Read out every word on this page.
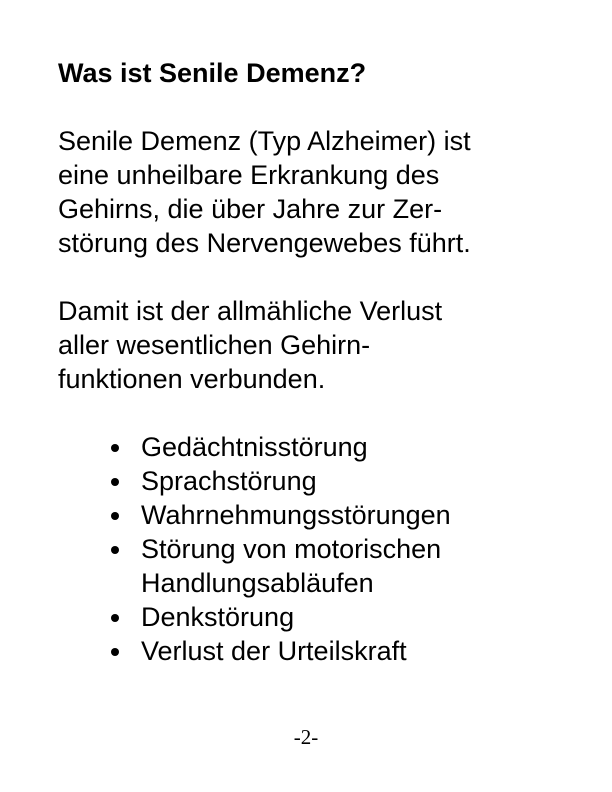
Was ist Senile Demenz?

Senile Demenz (Typ Alzheimer) ist
eine unheilbare Erkrankung des
Gehirns, die über Jahre zur Zer-
störung des Nervengewebes führt.

Damit ist der allmähliche Verlust
aller wesentlichen Gehirn-
funktionen verbunden.

Gedächtnisstörung
Sprachstörung
Wahrnehmungsstörungen
Störung von motorischen
Handlungsabläufen
Denkstörung
Verlust der Urteilskraft
-2-
